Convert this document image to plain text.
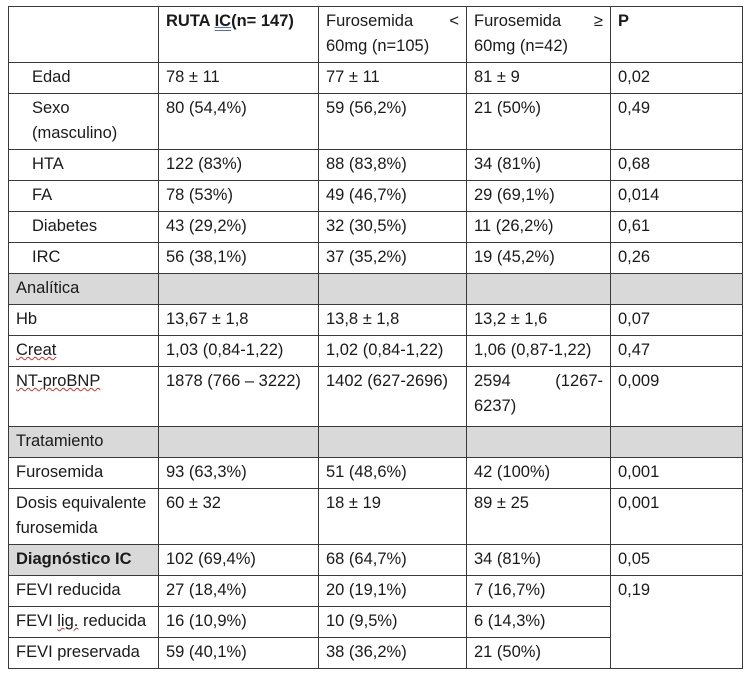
	RUTA IC(n= 147)	Furosemida < 60mg (n=105)	Furosemida ≥ 60mg (n=42)	P
Edad	78 ± 11	77 ± 11	81 ± 9	0,02
Sexo (masculino)	80 (54,4%)	59 (56,2%)	21 (50%)	0,49
HTA	122 (83%)	88 (83,8%)	34 (81%)	0,68
FA	78 (53%)	49 (46,7%)	29 (69,1%)	0,014
Diabetes	43 (29,2%)	32 (30,5%)	11 (26,2%)	0,61
IRC	56 (38,1%)	37 (35,2%)	19 (45,2%)	0,26
Analítica				
Hb	13,67 ± 1,8	13,8 ± 1,8	13,2 ± 1,6	0,07
Creat	1,03 (0,84-1,22)	1,02 (0,84-1,22)	1,06 (0,87-1,22)	0,47
NT-proBNP	1878 (766 – 3222)	1402 (627-2696)	2594 (1267-6237)	0,009
Tratamiento				
Furosemida	93 (63,3%)	51 (48,6%)	42 (100%)	0,001
Dosis equivalente furosemida	60 ± 32	18 ± 19	89 ± 25	0,001
Diagnóstico IC	102 (69,4%)	68 (64,7%)	34 (81%)	0,05
FEVI reducida	27 (18,4%)	20 (19,1%)	7 (16,7%)	0,19
FEVI lig. reducida	16 (10,9%)	10 (9,5%)	6 (14,3%)	
FEVI preservada	59 (40,1%)	38 (36,2%)	21 (50%)	
